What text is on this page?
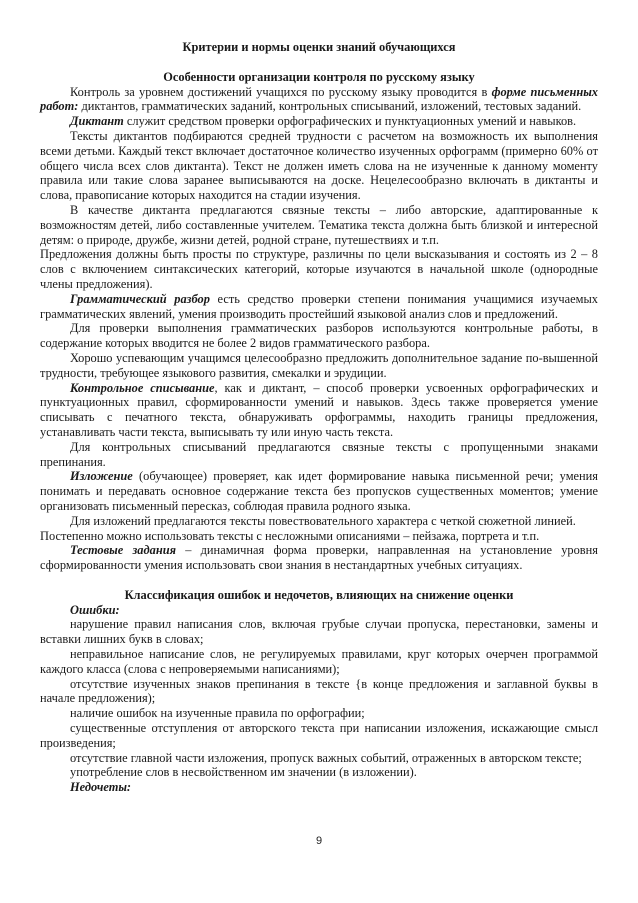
Критерии и нормы оценки знаний обучающихся

Особенности организации контроля по русскому языку

Контроль за уровнем достижений учащихся по русскому языку проводится в форме письменных работ: диктантов, грамматических заданий, контрольных списываний, изложений, тестовых заданий.

Диктант служит средством проверки орфографических и пунктуационных умений и навыков.

Тексты диктантов подбираются средней трудности с расчетом на возможность их выполнения всеми детьми. Каждый текст включает достаточное количество изученных орфограмм (примерно 60% от общего числа всех слов диктанта). Текст не должен иметь слова на не изученные к данному моменту правила или такие слова заранее выписываются на доске. Нецелесообразно включать в диктанты и слова, правописание которых находится на стадии изучения.

В качестве диктанта предлагаются связные тексты – либо авторские, адаптированные к возможностям детей, либо составленные учителем. Тематика текста должна быть близкой и интересной детям: о природе, дружбе, жизни детей, родной стране, путешествиях и т.п.

Предложения должны быть просты по структуре, различны по цели высказывания и состоять из 2 – 8 слов с включением синтаксических категорий, которые изучаются в начальной школе (однородные члены предложения).

Грамматический разбор есть средство проверки степени понимания учащимися изучаемых грамматических явлений, умения производить простейший языковой анализ слов и предложений.

Для проверки выполнения грамматических разборов используются контрольные работы, в содержание которых вводится не более 2 видов грамматического разбора.

Хорошо успевающим учащимся целесообразно предложить дополнительное задание по-вышенной трудности, требующее языкового развития, смекалки и эрудиции.

Контрольное списывание, как и диктант, – способ проверки усвоенных орфографических и пунктуационных правил, сформированности умений и навыков. Здесь также проверяется умение списывать с печатного текста, обнаруживать орфограммы, находить границы предложения, устанавливать части текста, выписывать ту или иную часть текста.

Для контрольных списываний предлагаются связные тексты с пропущенными знаками препинания.

Изложение (обучающее) проверяет, как идет формирование навыка письменной речи; умения понимать и передавать основное содержание текста без пропусков существенных моментов; умение организовать письменный пересказ, соблюдая правила родного языка.

Для изложений предлагаются тексты повествовательного характера с четкой сюжетной линией.

Постепенно можно использовать тексты с несложными описаниями – пейзажа, портрета и т.п.

Тестовые задания – динамичная форма проверки, направленная на установление уровня сформированности умения использовать свои знания в нестандартных учебных ситуациях.

Классификация ошибок и недочетов, влияющих на снижение оценки

Ошибки:

нарушение правил написания слов, включая грубые случаи пропуска, перестановки, замены и вставки лишних букв в словах;

неправильное написание слов, не регулируемых правилами, круг которых очерчен программой каждого класса (слова с непроверяемыми написаниями);

отсутствие изученных знаков препинания в тексте {в конце предложения и заглавной буквы в начале предложения);

наличие ошибок на изученные правила по орфографии;

существенные отступления от авторского текста при написании изложения, искажающие смысл произведения;

отсутствие главной части изложения, пропуск важных событий, отраженных в авторском тексте;

употребление слов в несвойственном им значении (в изложении).

Недочеты:

9
